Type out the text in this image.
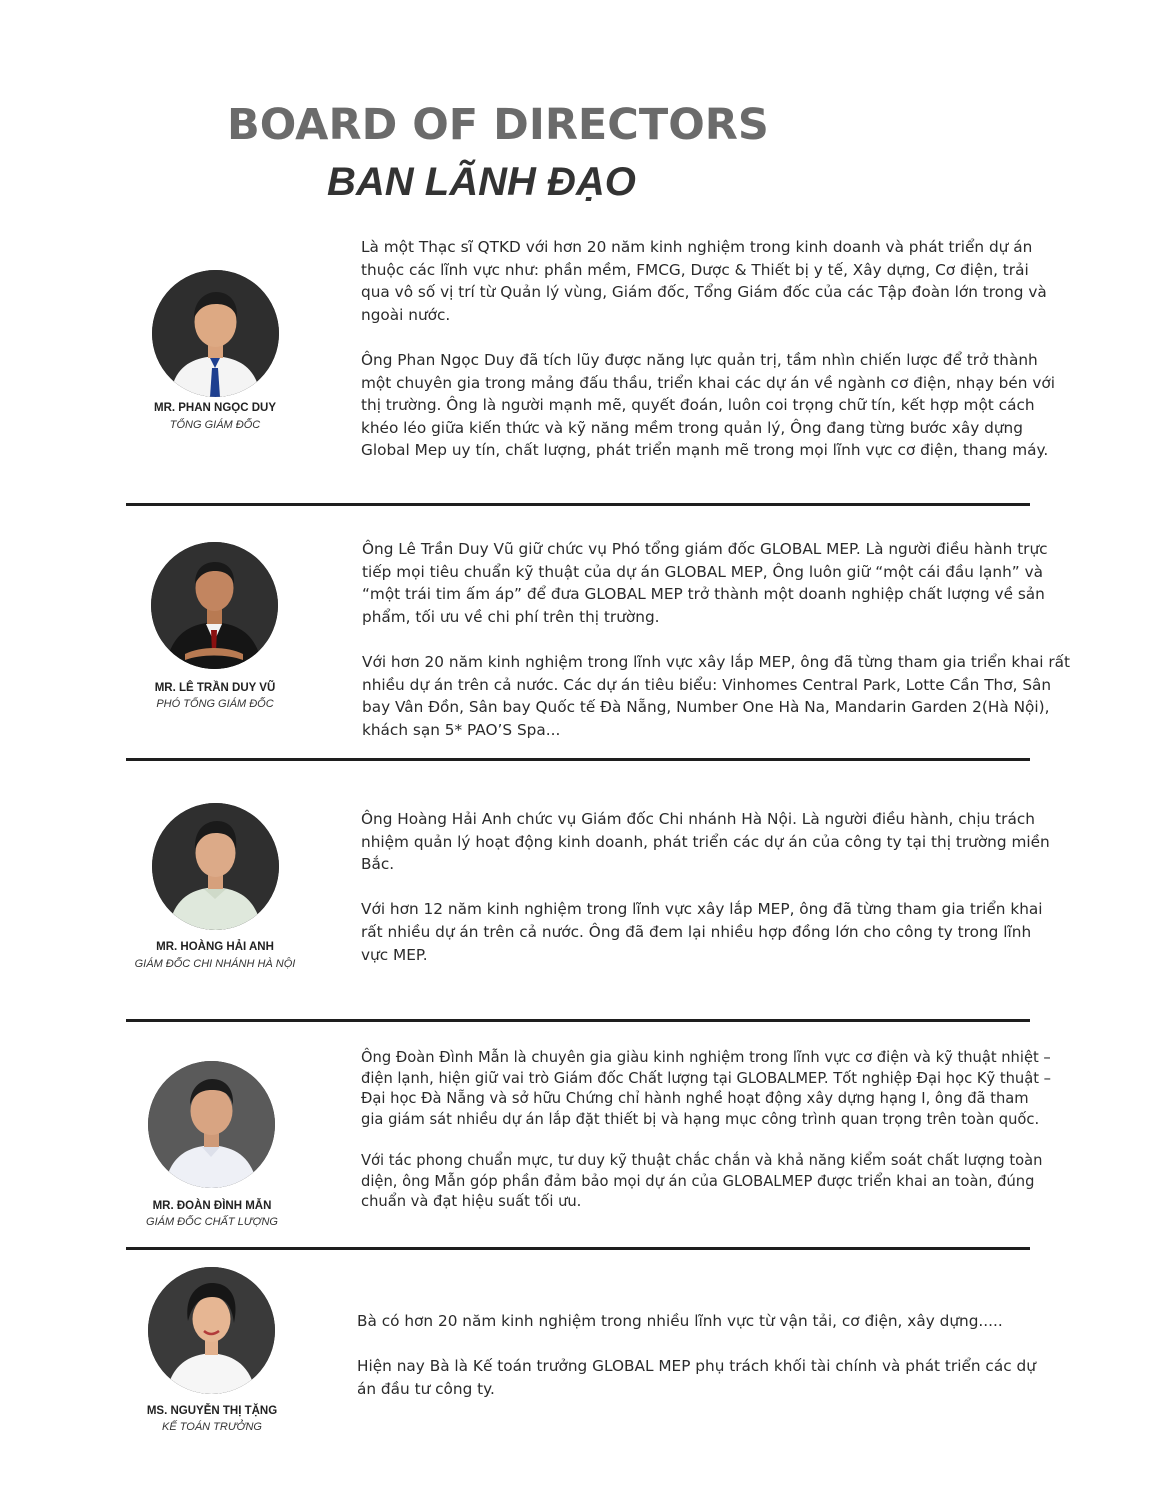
BOARD OF DIRECTORS
BAN LÃNH ĐẠO
MR. PHAN NGỌC DUY
TỔNG GIÁM ĐỐC

Là một Thạc sĩ QTKD với hơn 20 năm kinh nghiệm trong kinh doanh và phát triển dự án thuộc các lĩnh vực như: phần mềm, FMCG, Dược & Thiết bị y tế, Xây dựng, Cơ điện, trải qua vô số vị trí từ Quản lý vùng, Giám đốc, Tổng Giám đốc của các Tập đoàn lớn trong và ngoài nước.

Ông Phan Ngọc Duy đã tích lũy được năng lực quản trị, tầm nhìn chiến lược để trở thành một chuyên gia trong mảng đấu thầu, triển khai các dự án về ngành cơ điện, nhạy bén với thị trường. Ông là người mạnh mẽ, quyết đoán, luôn coi trọng chữ tín, kết hợp một cách khéo léo giữa kiến thức và kỹ năng mềm trong quản lý, Ông đang từng bước xây dựng Global Mep uy tín, chất lượng, phát triển mạnh mẽ trong mọi lĩnh vực cơ điện, thang máy.

MR. LÊ TRẦN DUY VŨ
PHÓ TỔNG GIÁM ĐỐC

Ông Lê Trần Duy Vũ giữ chức vụ Phó tổng giám đốc GLOBAL MEP. Là người điều hành trực tiếp mọi tiêu chuẩn kỹ thuật của dự án GLOBAL MEP, Ông luôn giữ “một cái đầu lạnh” và “một trái tim ấm áp” để đưa GLOBAL MEP trở thành một doanh nghiệp chất lượng về sản phẩm, tối ưu về chi phí trên thị trường.

Với hơn 20 năm kinh nghiệm trong lĩnh vực xây lắp MEP, ông đã từng tham gia triển khai rất nhiều dự án trên cả nước. Các dự án tiêu biểu: Vinhomes Central Park, Lotte Cần Thơ, Sân bay Vân Đồn, Sân bay Quốc tế Đà Nẵng, Number One Hà Na, Mandarin Garden 2(Hà Nội), khách sạn 5* PAO’S Spa...

MR. HOÀNG HẢI ANH
GIÁM ĐỐC CHI NHÁNH HÀ NỘI

Ông Hoàng Hải Anh chức vụ Giám đốc Chi nhánh Hà Nội. Là người điều hành, chịu trách nhiệm quản lý hoạt động kinh doanh, phát triển các dự án của công ty tại thị trường miền Bắc.

Với hơn 12 năm kinh nghiệm trong lĩnh vực xây lắp MEP, ông đã từng tham gia triển khai rất nhiều dự án trên cả nước. Ông đã đem lại nhiều hợp đồng lớn cho công ty trong lĩnh vực MEP.

MR. ĐOÀN ĐÌNH MẪN
GIÁM ĐỐC CHẤT LƯỢNG

Ông Đoàn Đình Mẫn là chuyên gia giàu kinh nghiệm trong lĩnh vực cơ điện và kỹ thuật nhiệt – điện lạnh, hiện giữ vai trò Giám đốc Chất lượng tại GLOBALMEP. Tốt nghiệp Đại học Kỹ thuật – Đại học Đà Nẵng và sở hữu Chứng chỉ hành nghề hoạt động xây dựng hạng I, ông đã tham gia giám sát nhiều dự án lắp đặt thiết bị và hạng mục công trình quan trọng trên toàn quốc.

Với tác phong chuẩn mực, tư duy kỹ thuật chắc chắn và khả năng kiểm soát chất lượng toàn diện, ông Mẫn góp phần đảm bảo mọi dự án của GLOBALMEP được triển khai an toàn, đúng chuẩn và đạt hiệu suất tối ưu.

MS. NGUYỄN THỊ TẶNG
KẾ TOÁN TRƯỞNG

Bà có hơn 20 năm kinh nghiệm trong nhiều lĩnh vực từ vận tải, cơ điện, xây dựng.....

Hiện nay Bà là Kế toán trưởng GLOBAL MEP phụ trách khối tài chính và phát triển các dự án đầu tư công ty.
